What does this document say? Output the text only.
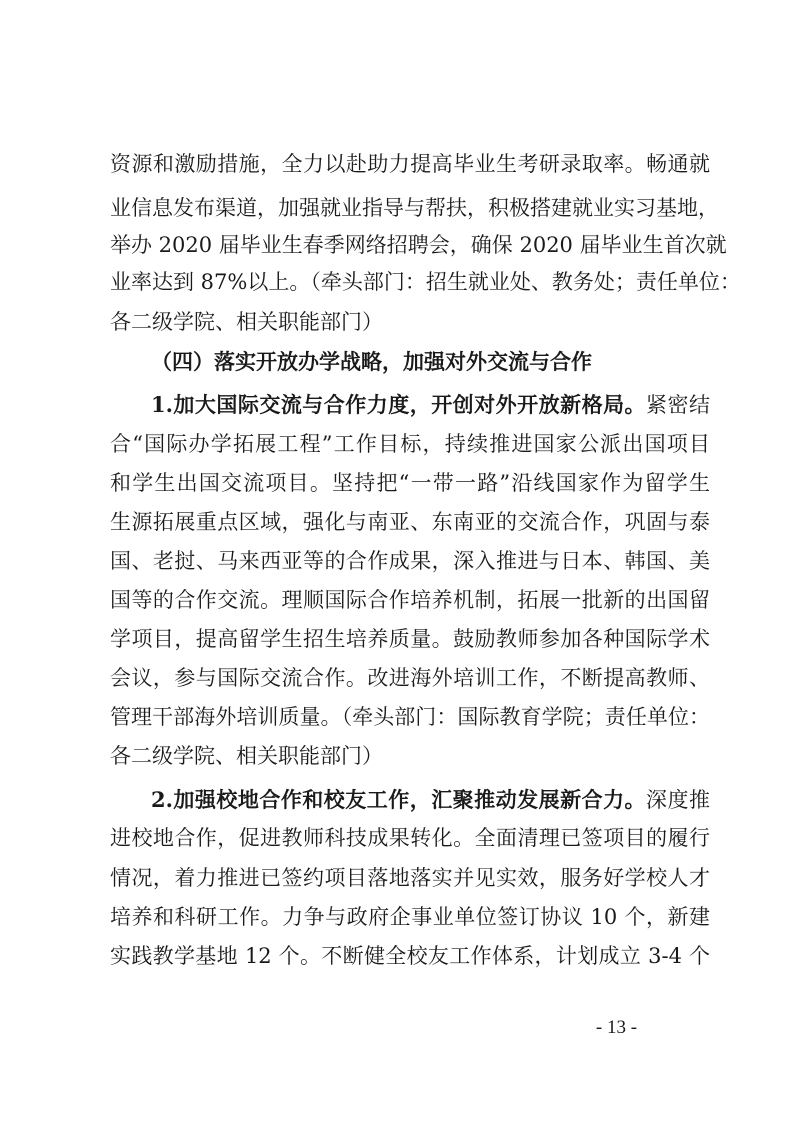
资源和激励措施，全力以赴助力提高毕业生考研录取率。畅通就
业信息发布渠道，加强就业指导与帮扶，积极搭建就业实习基地，
举办 2020 届毕业生春季网络招聘会，确保 2020 届毕业生首次就
业率达到 87%以上。（牵头部门：招生就业处、教务处；责任单位：
各二级学院、相关职能部门）
（四）落实开放办学战略，加强对外交流与合作
1.加大国际交流与合作力度，开创对外开放新格局。紧密结
合“国际办学拓展工程”工作目标，持续推进国家公派出国项目
和学生出国交流项目。坚持把“一带一路”沿线国家作为留学生
生源拓展重点区域，强化与南亚、东南亚的交流合作，巩固与泰
国、老挝、马来西亚等的合作成果，深入推进与日本、韩国、美
国等的合作交流。理顺国际合作培养机制，拓展一批新的出国留
学项目，提高留学生招生培养质量。鼓励教师参加各种国际学术
会议，参与国际交流合作。改进海外培训工作，不断提高教师、
管理干部海外培训质量。（牵头部门：国际教育学院；责任单位：
各二级学院、相关职能部门）
2.加强校地合作和校友工作，汇聚推动发展新合力。深度推
进校地合作，促进教师科技成果转化。全面清理已签项目的履行
情况，着力推进已签约项目落地落实并见实效，服务好学校人才
培养和科研工作。力争与政府企事业单位签订协议 10 个，新建
实践教学基地 12 个。不断健全校友工作体系，计划成立 3-4 个
- 13 -
